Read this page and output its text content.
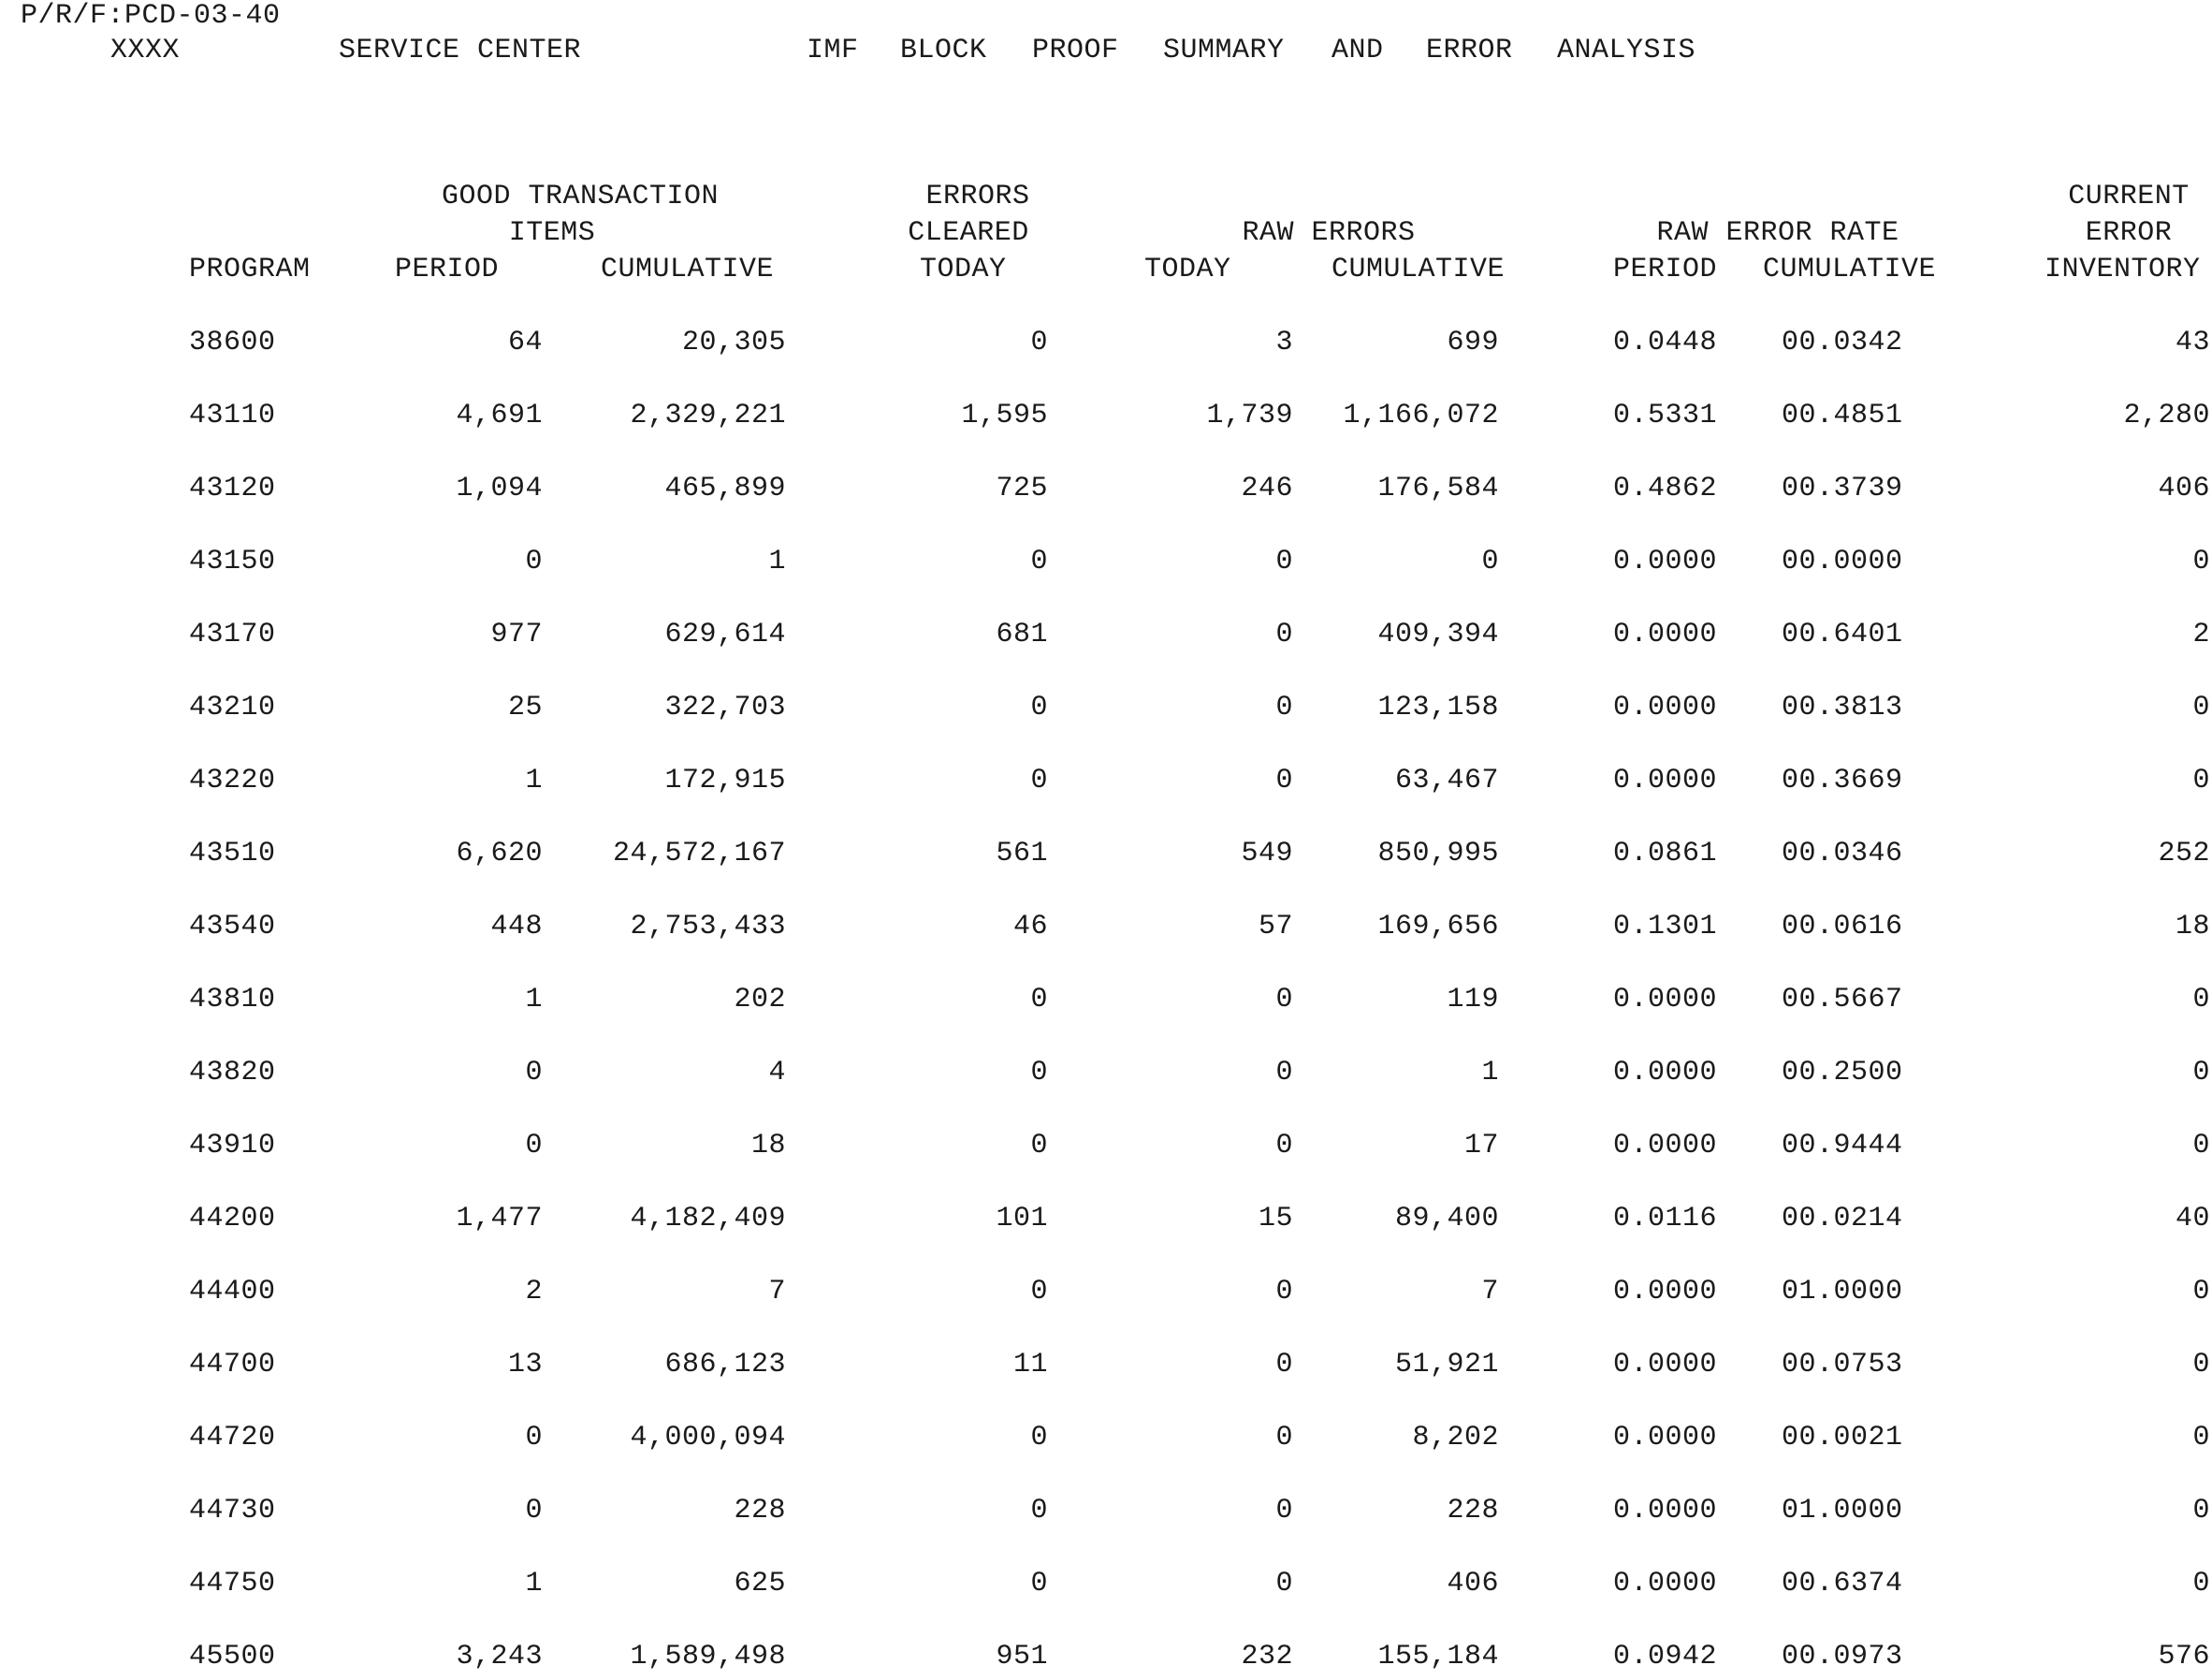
P/R/F:PCD-03-40
XXXX	SERVICE CENTER	IMF BLOCK PROOF SUMMARY AND ERROR ANALYSIS
GOOD TRANSACTION
ITEMS
ERRORS
CLEARED	RAW ERRORS	RAW ERROR RATE
CURRENT
ERROR
PROGRAM	PERIOD	CUMULATIVE	TODAY	TODAY	CUMULATIVE	PERIOD CUMULATIVE	INVENTORY
38600	64	20,305	0	3	699	0.0448 00.0342	43
43110	4,691	2,329,221	1,595	1,739 1,166,072	0.5331 00.4851	2,280
43120	1,094	465,899	725	246	176,584	0.4862 00.3739	406
43150	0	1	0	0	0	0.0000 00.0000	0
43170	977	629,614	681	0	409,394	0.0000 00.6401	2
43210	25	322,703	0	0	123,158	0.0000 00.3813	0
43220	1	172,915	0	0	63,467	0.0000 00.3669	0
43510	6,620 24,572,167	561	549	850,995	0.0861 00.0346	252
43540	448	2,753,433	46	57	169,656	0.1301 00.0616	18
43810	1	202	0	0	119	0.0000 00.5667	0
43820	0	4	0	0	1	0.0000 00.2500	0
43910	0	18	0	0	17	0.0000 00.9444	0
44200	1,477	4,182,409	101	15	89,400	0.0116 00.0214	40
44400	2	7	0	0	7	0.0000 01.0000	0
44700	13	686,123	11	0	51,921	0.0000 00.0753	0
44720	0	4,000,094	0	0	8,202	0.0000 00.0021	0
44730	0	228	0	0	228	0.0000 01.0000	0
44750	1	625	0	0	406	0.0000 00.6374	0
45500	3,243	1,589,498	951	232	155,184	0.0942 00.0973	576
